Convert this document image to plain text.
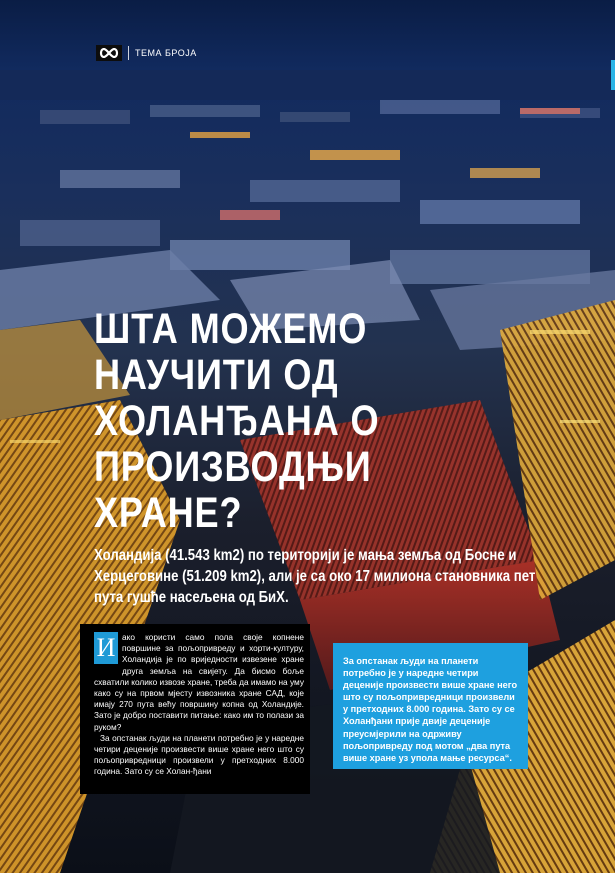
ТЕМА БРОЈА
ШТА МОЖЕМО
НАУЧИТИ ОД
ХОЛАНЂАНА О
ПРОИЗВОДЊИ
ХРАНЕ?

Холандија (41.543 km2) по територији је мања земља од Босне и Херцеговине (51.209 km2), али је са око 17 милиона становника пет пута гушће насељена од БиХ.

И ако користи само пола своје копнене површине за пољопривреду и хорти-културу, Холандија је по вриједности извезене хране друга земља на свијету. Да бисмо боље схватили колико извозе хране, треба да имамо на уму како су на првом мјесту извозника хране САД, које имају 270 пута већу површину копна од Холандије. Зато је добро поставити питање: како им то полази за руком?

За опстанак људи на планети потребно је у наредне четири деценије произвести више хране него што су пољопривредници произвели у претходних 8.000 година. Зато су се Холан-ђани

За опстанак људи на планети потребно је у наредне четири деценије произвести више хране него што су пољопривредници произвели у претходних 8.000 година. Зато су се Холанђани прије двије деценије преусмјерили на одрживу пољопривреду под мотом „два пута више хране уз упола мање ресурса“.
